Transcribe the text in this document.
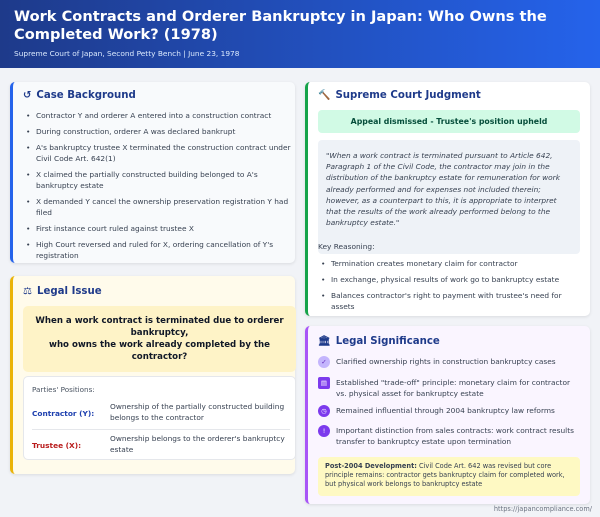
Work Contracts and Orderer Bankruptcy in Japan: Who Owns the Completed Work? (1978)
Supreme Court of Japan, Second Petty Bench | June 23, 1978
↺ Case Background
• Contractor Y and orderer A entered into a construction contract
• During construction, orderer A was declared bankrupt
• A's bankruptcy trustee X terminated the construction contract under Civil Code Art. 642(1)
• X claimed the partially constructed building belonged to A's bankruptcy estate
• X demanded Y cancel the ownership preservation registration Y had filed
• First instance court ruled against trustee X
• High Court reversed and ruled for X, ordering cancellation of Y's registration
⚖ Legal Issue
When a work contract is terminated due to orderer bankruptcy,
who owns the work already completed by the contractor?
Parties' Positions:
Contractor (Y):
Ownership of the partially constructed building belongs to the contractor
Trustee (X):
Ownership belongs to the orderer's bankruptcy estate
🔨 Supreme Court Judgment
Appeal dismissed - Trustee's position upheld
"When a work contract is terminated pursuant to Article 642, Paragraph 1 of the Civil Code, the contractor may join in the distribution of the bankruptcy estate for remuneration for work already performed and for expenses not included therein; however, as a counterpart to this, it is appropriate to interpret that the results of the work already performed belong to the bankruptcy estate."
Key Reasoning:
• Termination creates monetary claim for contractor
• In exchange, physical results of work go to bankruptcy estate
• Balances contractor's right to payment with trustee's need for assets
🏛 Legal Significance
✓	Clarified ownership rights in construction bankruptcy cases
▤	Established "trade-off" principle: monetary claim for contractor vs. physical asset for bankruptcy estate
◷	Remained influential through 2004 bankruptcy law reforms
!	Important distinction from sales contracts: work contract results transfer to bankruptcy estate upon termination
Post-2004 Development: Civil Code Art. 642 was revised but core principle remains: contractor gets bankruptcy claim for completed work, but physical work belongs to bankruptcy estate
https://japancompliance.com/
